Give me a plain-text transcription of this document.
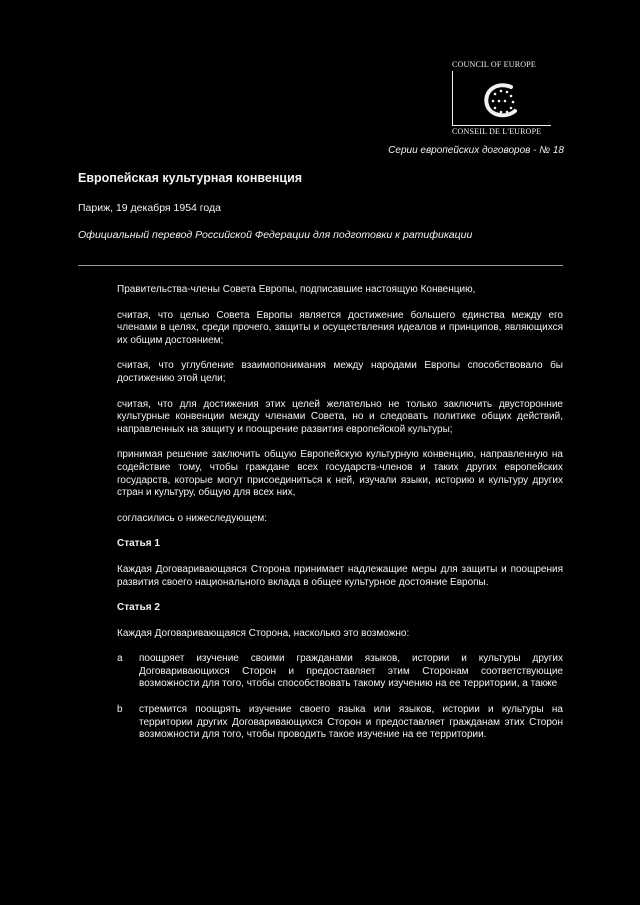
COUNCIL OF EUROPE
CONSEIL DE L'EUROPE
Серии европейских договоров - № 18
Европейская культурная конвенция
Париж, 19 декабря 1954 года
Официальный перевод Российской Федерации для подготовки к ратификации

Правительства-члены Совета Европы, подписавшие настоящую Конвенцию,

считая, что целью Совета Европы является достижение большего единства между его членами в целях, среди прочего, защиты и осуществления идеалов и принципов, являющихся их общим достоянием;

считая, что углубление взаимопонимания между народами Европы способствовало бы достижению этой цели;

считая, что для достижения этих целей желательно не только заключить двусторонние культурные конвенции между членами Совета, но и следовать политике общих действий, направленных на защиту и поощрение развития европейской культуры;

принимая решение заключить общую Европейскую культурную конвенцию, направленную на содействие тому, чтобы граждане всех государств-членов и таких других европейских государств, которые могут присоединиться к ней, изучали языки, историю и культуру других стран и культуру, общую для всех них,

согласились о нижеследующем:

Статья 1

Каждая Договаривающаяся Сторона принимает надлежащие меры для защиты и поощрения развития своего национального вклада в общее культурное достояние Европы.

Статья 2

Каждая Договаривающаяся Сторона, насколько это возможно:

a поощряет изучение своими гражданами языков, истории и культуры других Договаривающихся Сторон и предоставляет этим Сторонам соответствующие возможности для того, чтобы способствовать такому изучению на ее территории, а также
b стремится поощрять изучение своего языка или языков, истории и культуры на территории других Договаривающихся Сторон и предоставляет гражданам этих Сторон возможности для того, чтобы проводить такое изучение на ее территории.
